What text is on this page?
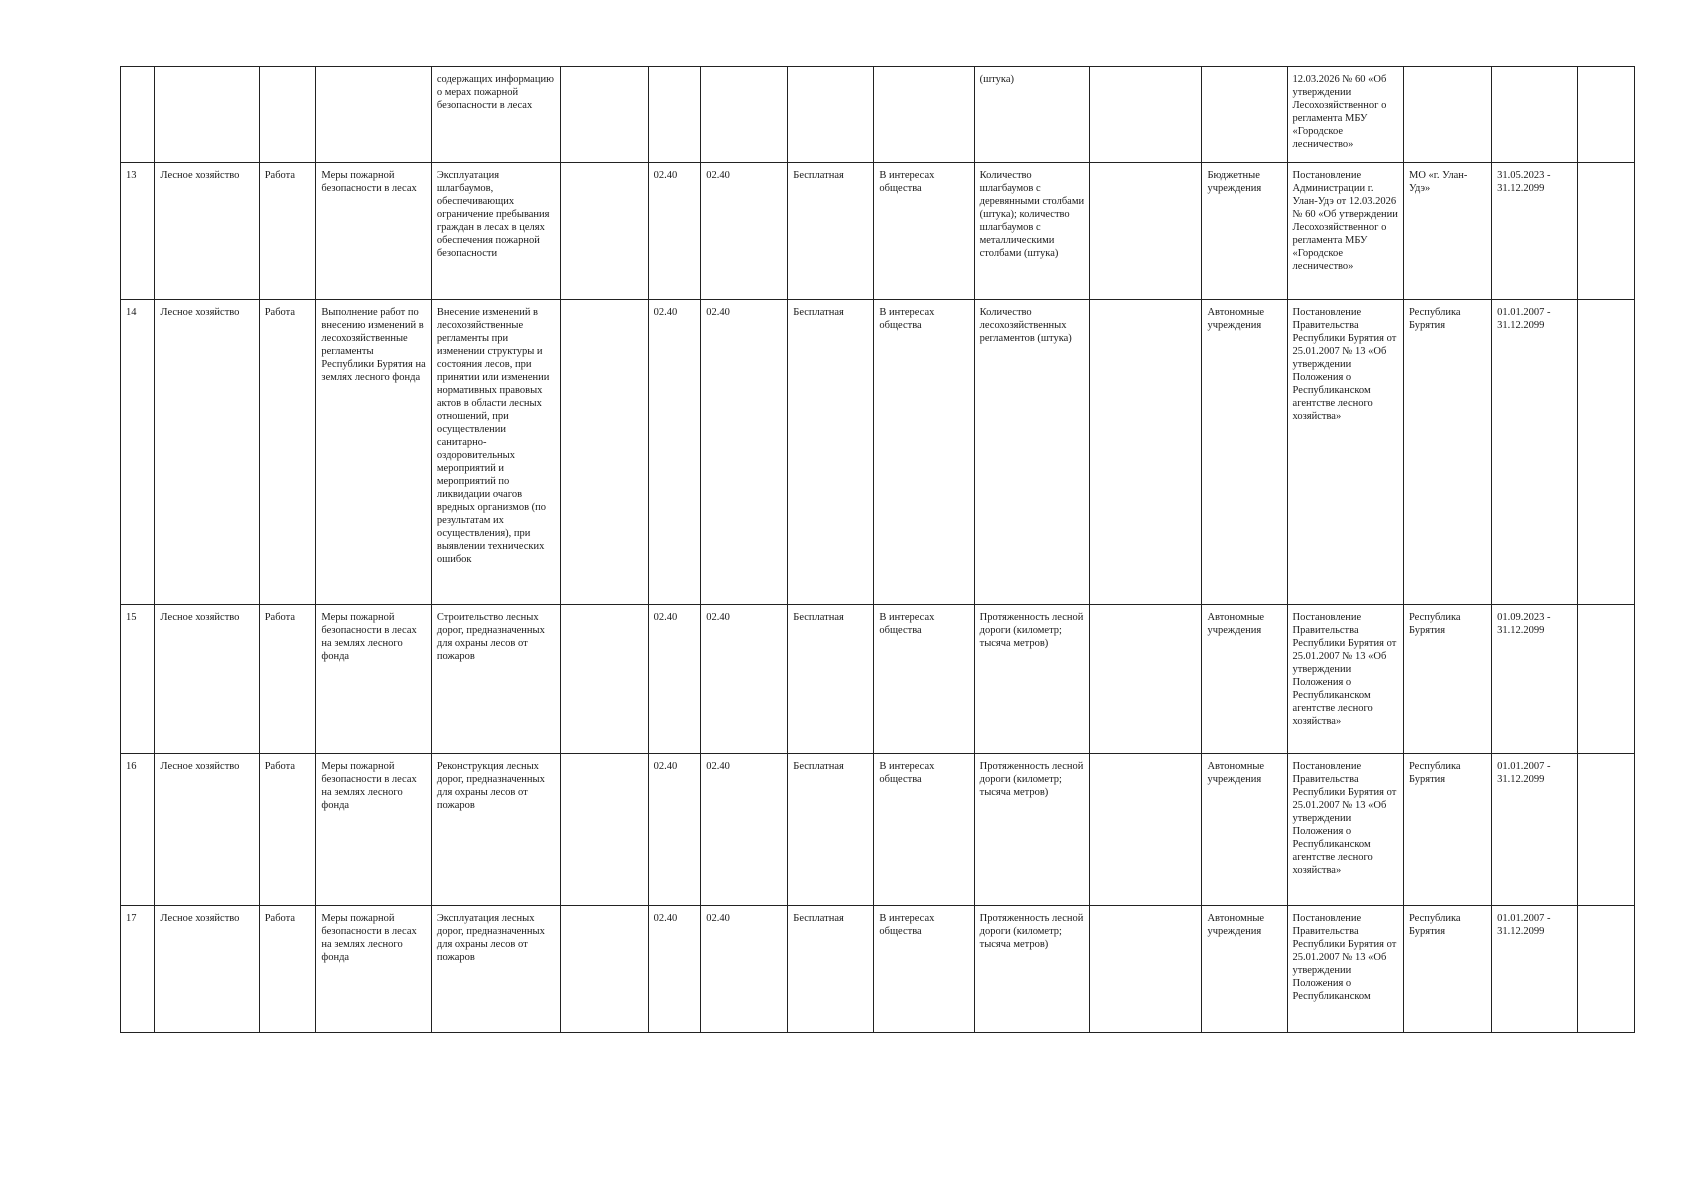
				содержащих информацию о мерах пожарной безопасности в лесах						(штука)			12.03.2026 № 60 «Об утверждении Лесохозяйственног о регламента МБУ «Городское лесничество»			
13	Лесное хозяйство	Работа	Меры пожарной безопасности в лесах	Эксплуатация шлагбаумов, обеспечивающих ограничение пребывания граждан в лесах в целях обеспечения пожарной безопасности		02.40	02.40	Бесплатная	В интересах общества	Количество шлагбаумов с деревянными столбами (штука); количество шлагбаумов с металлическими столбами (штука)		Бюджетные учреждения	Постановление Администрации г. Улан-Удэ от 12.03.2026 № 60 «Об утверждении Лесохозяйственног о регламента МБУ «Городское лесничество»	МО «г. Улан-Удэ»	31.05.2023 - 31.12.2099	
14	Лесное хозяйство	Работа	Выполнение работ по внесению изменений в лесохозяйственные регламенты Республики Бурятия на землях лесного фонда	Внесение изменений в лесохозяйственные регламенты при изменении структуры и состояния лесов, при принятии или изменении нормативных правовых актов в области лесных отношений, при осуществлении санитарно-оздоровительных мероприятий и мероприятий по ликвидации очагов вредных организмов (по результатам их осуществления), при выявлении технических ошибок		02.40	02.40	Бесплатная	В интересах общества	Количество лесохозяйственных регламентов (штука)		Автономные учреждения	Постановление Правительства Республики Бурятия от 25.01.2007 № 13 «Об утверждении Положения о Республиканском агентстве лесного хозяйства»	Республика Бурятия	01.01.2007 - 31.12.2099	
15	Лесное хозяйство	Работа	Меры пожарной безопасности в лесах на землях лесного фонда	Строительство лесных дорог, предназначенных для охраны лесов от пожаров		02.40	02.40	Бесплатная	В интересах общества	Протяженность лесной дороги (километр; тысяча метров)		Автономные учреждения	Постановление Правительства Республики Бурятия от 25.01.2007 № 13 «Об утверждении Положения о Республиканском агентстве лесного хозяйства»	Республика Бурятия	01.09.2023 - 31.12.2099	
16	Лесное хозяйство	Работа	Меры пожарной безопасности в лесах на землях лесного фонда	Реконструкция лесных дорог, предназначенных для охраны лесов от пожаров		02.40	02.40	Бесплатная	В интересах общества	Протяженность лесной дороги (километр; тысяча метров)		Автономные учреждения	Постановление Правительства Республики Бурятия от 25.01.2007 № 13 «Об утверждении Положения о Республиканском агентстве лесного хозяйства»	Республика Бурятия	01.01.2007 - 31.12.2099	
17	Лесное хозяйство	Работа	Меры пожарной безопасности в лесах на землях лесного фонда	Эксплуатация лесных дорог, предназначенных для охраны лесов от пожаров		02.40	02.40	Бесплатная	В интересах общества	Протяженность лесной дороги (километр; тысяча метров)		Автономные учреждения	Постановление Правительства Республики Бурятия от 25.01.2007 № 13 «Об утверждении Положения о Республиканском	Республика Бурятия	01.01.2007 - 31.12.2099	
